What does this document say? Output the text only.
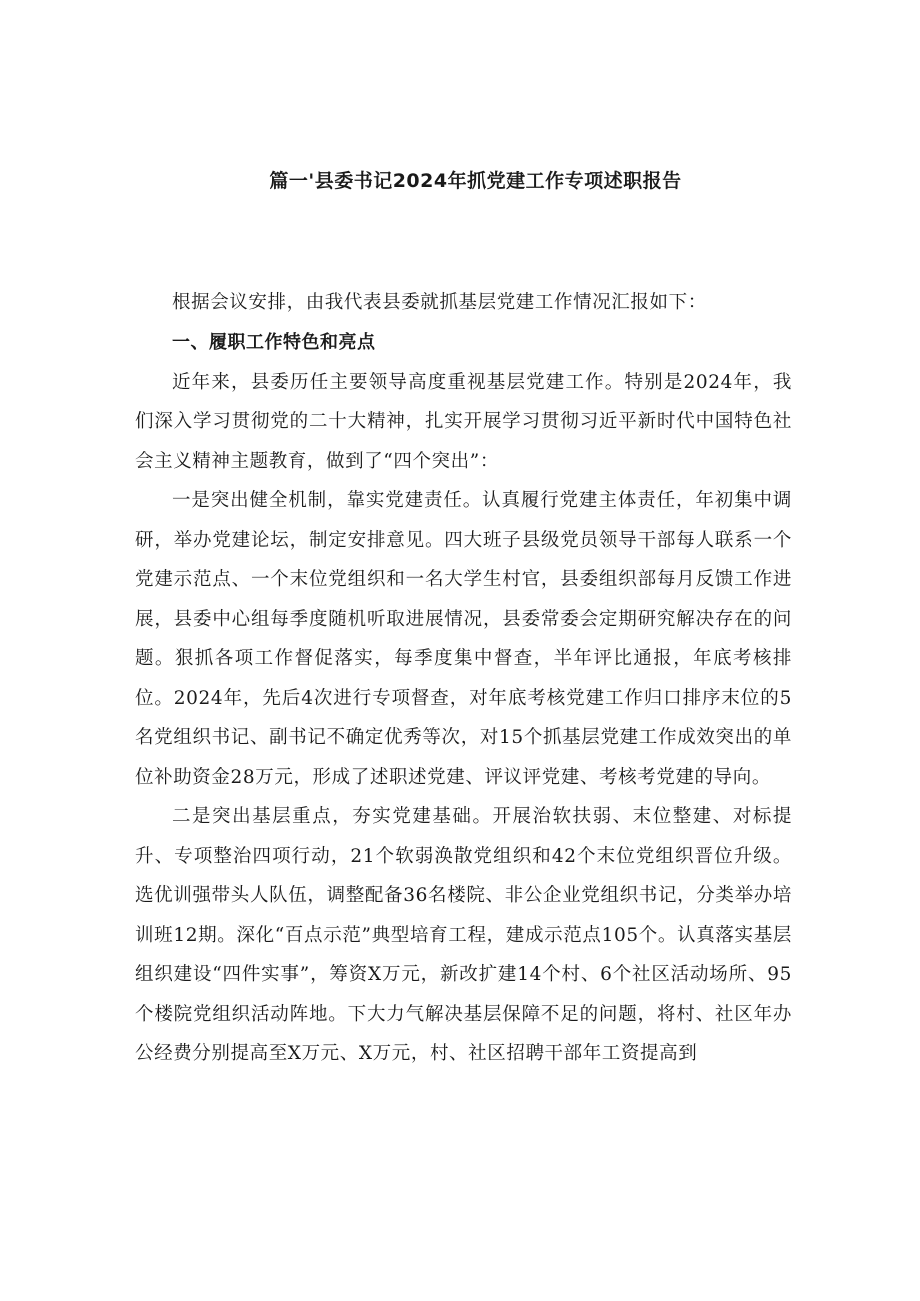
篇一'县委书记2024年抓党建工作专项述职报告

根据会议安排，由我代表县委就抓基层党建工作情况汇报如下：

一、履职工作特色和亮点

近年来，县委历任主要领导高度重视基层党建工作。特别是2024年，我们深入学习贯彻党的二十大精神，扎实开展学习贯彻习近平新时代中国特色社会主义精神主题教育，做到了“四个突出”：

一是突出健全机制，靠实党建责任。认真履行党建主体责任，年初集中调研，举办党建论坛，制定安排意见。四大班子县级党员领导干部每人联系一个党建示范点、一个末位党组织和一名大学生村官，县委组织部每月反馈工作进展，县委中心组每季度随机听取进展情况，县委常委会定期研究解决存在的问题。狠抓各项工作督促落实，每季度集中督查，半年评比通报，年底考核排位。2024年，先后4次进行专项督查，对年底考核党建工作归口排序末位的5名党组织书记、副书记不确定优秀等次，对15个抓基层党建工作成效突出的单位补助资金28万元，形成了述职述党建、评议评党建、考核考党建的导向。

二是突出基层重点，夯实党建基础。开展治软扶弱、末位整建、对标提升、专项整治四项行动，21个软弱涣散党组织和42个末位党组织晋位升级。选优训强带头人队伍，调整配备36名楼院、非公企业党组织书记，分类举办培训班12期。深化“百点示范”典型培育工程，建成示范点105个。认真落实基层组织建设“四件实事”，筹资X万元，新改扩建14个村、6个社区活动场所、95个楼院党组织活动阵地。下大力气解决基层保障不足的问题，将村、社区年办公经费分别提高至X万元、X万元，村、社区招聘干部年工资提高到
